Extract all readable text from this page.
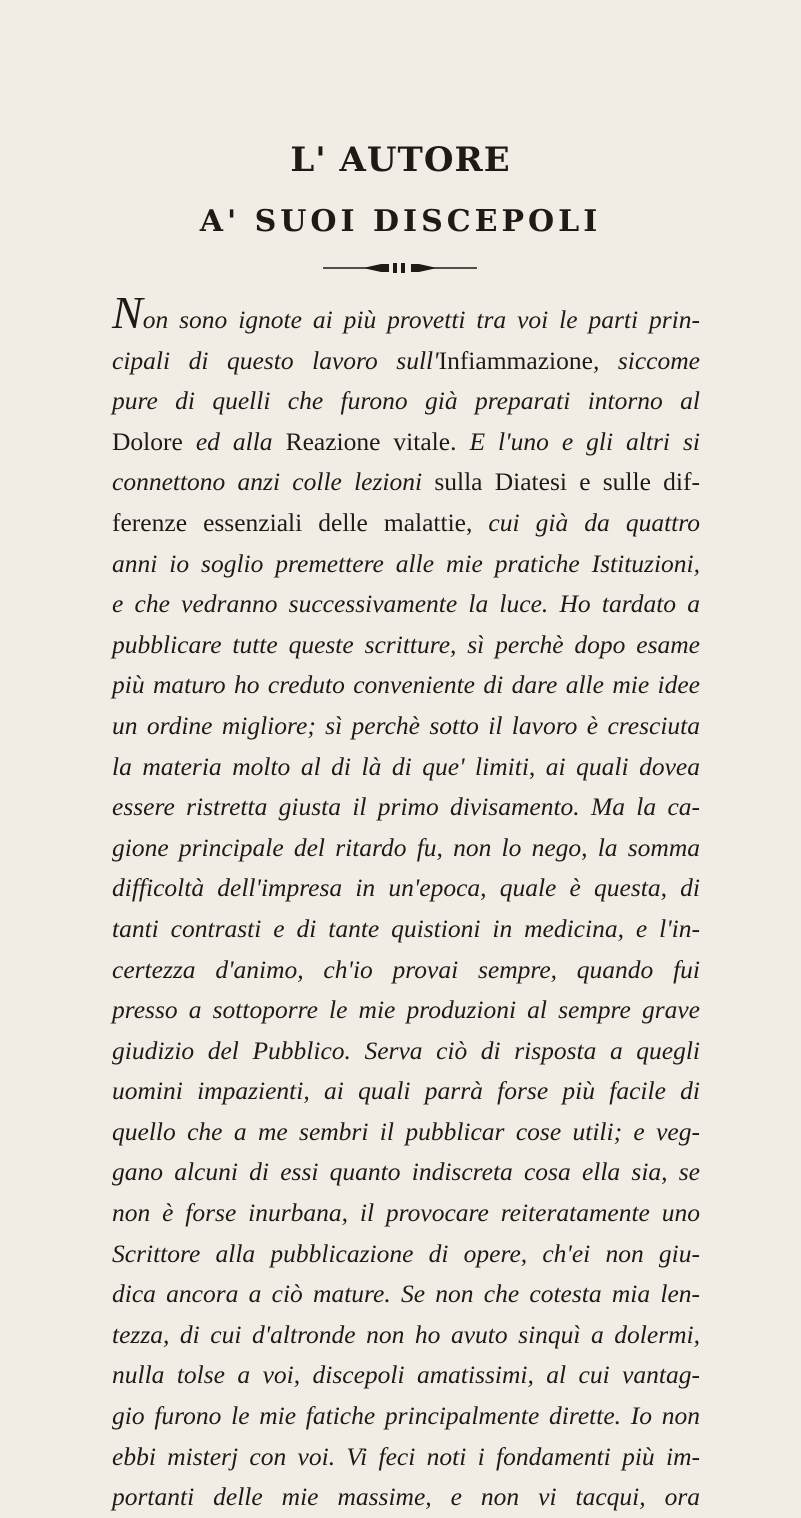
L' AUTORE
A' SUOI DISCEPOLI
Non sono ignote ai più provetti tra voi le parti prin-
cipali di questo lavoro sull'Infiammazione, siccome
pure di quelli che furono già preparati intorno al
Dolore ed alla Reazione vitale. E l'uno e gli altri si
connettono anzi colle lezioni sulla Diatesi e sulle dif-
ferenze essenziali delle malattie, cui già da quattro
anni io soglio premettere alle mie pratiche Istituzioni,
e che vedranno successivamente la luce. Ho tardato a
pubblicare tutte queste scritture, sì perchè dopo esame
più maturo ho creduto conveniente di dare alle mie idee
un ordine migliore; sì perchè sotto il lavoro è cresciuta
la materia molto al di là di que' limiti, ai quali dovea
essere ristretta giusta il primo divisamento. Ma la ca-
gione principale del ritardo fu, non lo nego, la somma
difficoltà dell'impresa in un'epoca, quale è questa, di
tanti contrasti e di tante quistioni in medicina, e l'in-
certezza d'animo, ch'io provai sempre, quando fui
presso a sottoporre le mie produzioni al sempre grave
giudizio del Pubblico. Serva ciò di risposta a quegli
uomini impazienti, ai quali parrà forse più facile di
quello che a me sembri il pubblicar cose utili; e veg-
gano alcuni di essi quanto indiscreta cosa ella sia, se
non è forse inurbana, il provocare reiteratamente uno
Scrittore alla pubblicazione di opere, ch'ei non giu-
dica ancora a ciò mature. Se non che cotesta mia len-
tezza, di cui d'altronde non ho avuto sinquì a dolermi,
nulla tolse a voi, discepoli amatissimi, al cui vantag-
gio furono le mie fatiche principalmente dirette. Io non
ebbi misterj con voi. Vi feci noti i fondamenti più im-
portanti delle mie massime, e non vi tacqui, ora
